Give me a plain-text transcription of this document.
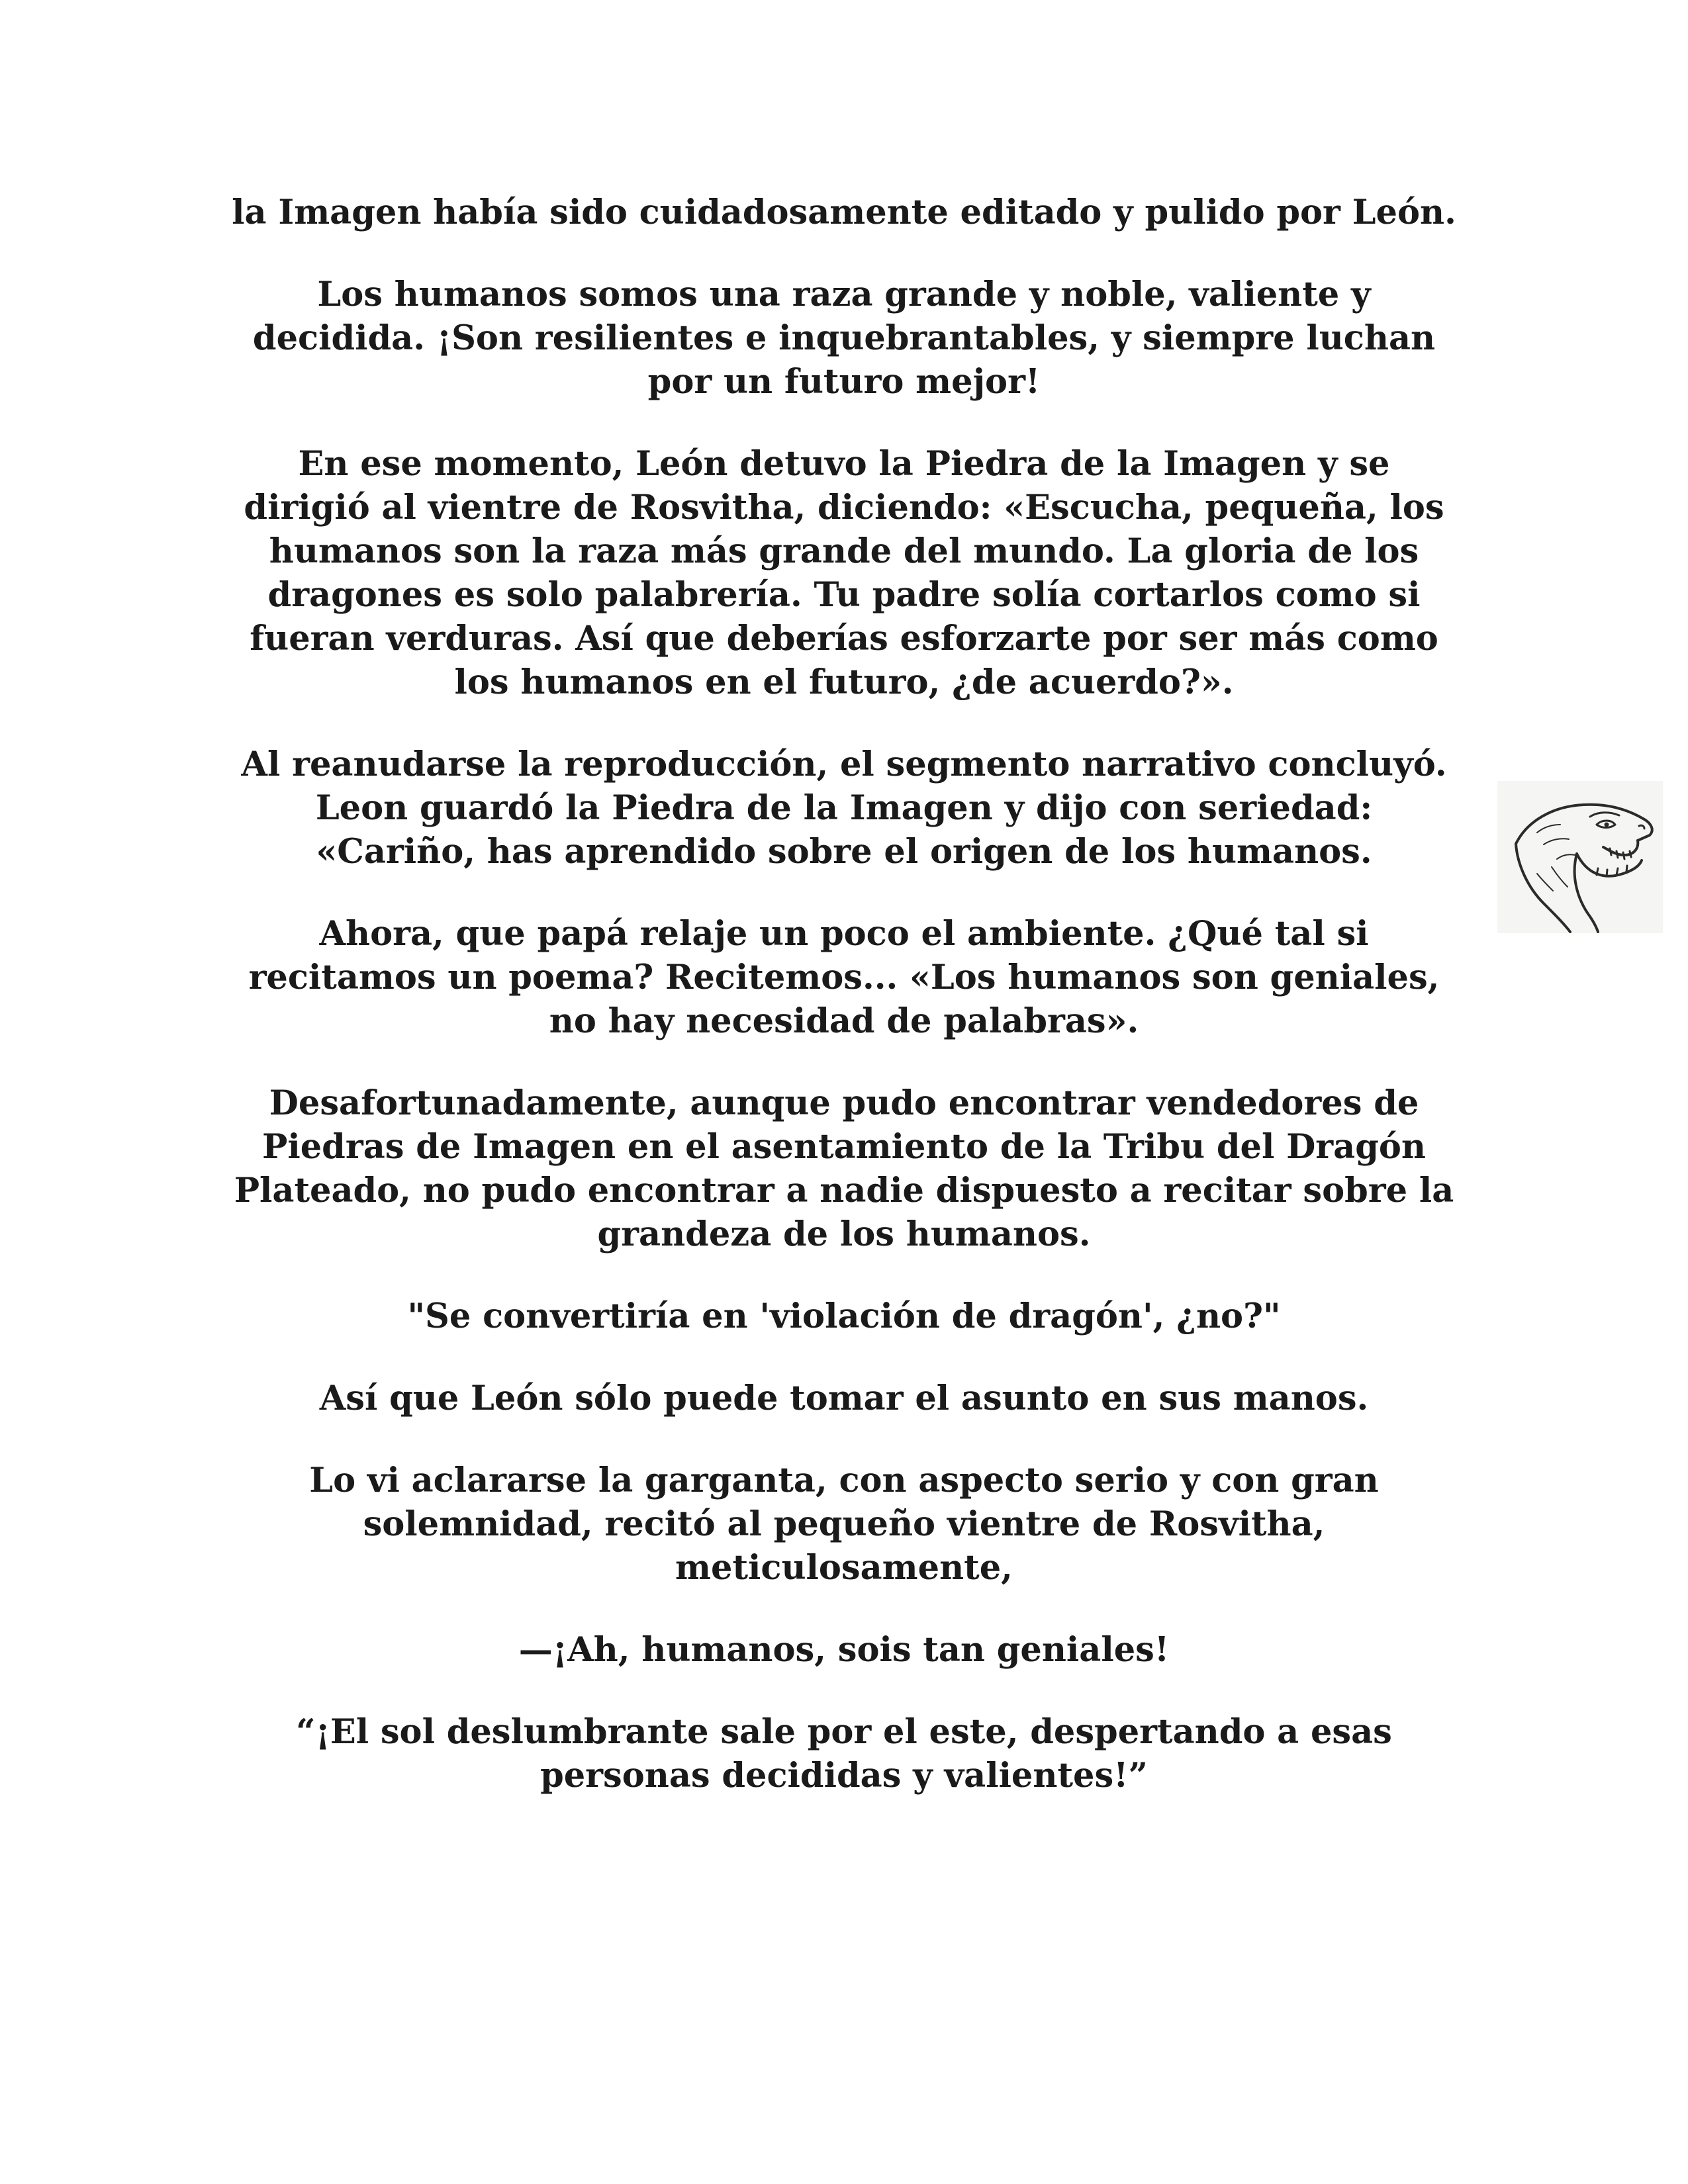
la Imagen había sido cuidadosamente editado y pulido por León.

Los humanos somos una raza grande y noble, valiente y decidida. ¡Son resilientes e inquebrantables, y siempre luchan por un futuro mejor!

En ese momento, León detuvo la Piedra de la Imagen y se dirigió al vientre de Rosvitha, diciendo: «Escucha, pequeña, los humanos son la raza más grande del mundo. La gloria de los dragones es solo palabrería. Tu padre solía cortarlos como si fueran verduras. Así que deberías esforzarte por ser más como los humanos en el futuro, ¿de acuerdo?».

Al reanudarse la reproducción, el segmento narrativo concluyó. Leon guardó la Piedra de la Imagen y dijo con seriedad: «Cariño, has aprendido sobre el origen de los humanos.

Ahora, que papá relaje un poco el ambiente. ¿Qué tal si recitamos un poema? Recitemos... «Los humanos son geniales, no hay necesidad de palabras».

Desafortunadamente, aunque pudo encontrar vendedores de Piedras de Imagen en el asentamiento de la Tribu del Dragón Plateado, no pudo encontrar a nadie dispuesto a recitar sobre la grandeza de los humanos.

"Se convertiría en 'violación de dragón', ¿no?"

Así que León sólo puede tomar el asunto en sus manos.

Lo vi aclararse la garganta, con aspecto serio y con gran solemnidad, recitó al pequeño vientre de Rosvitha, meticulosamente,

—¡Ah, humanos, sois tan geniales!

“¡El sol deslumbrante sale por el este, despertando a esas personas decididas y valientes!”
